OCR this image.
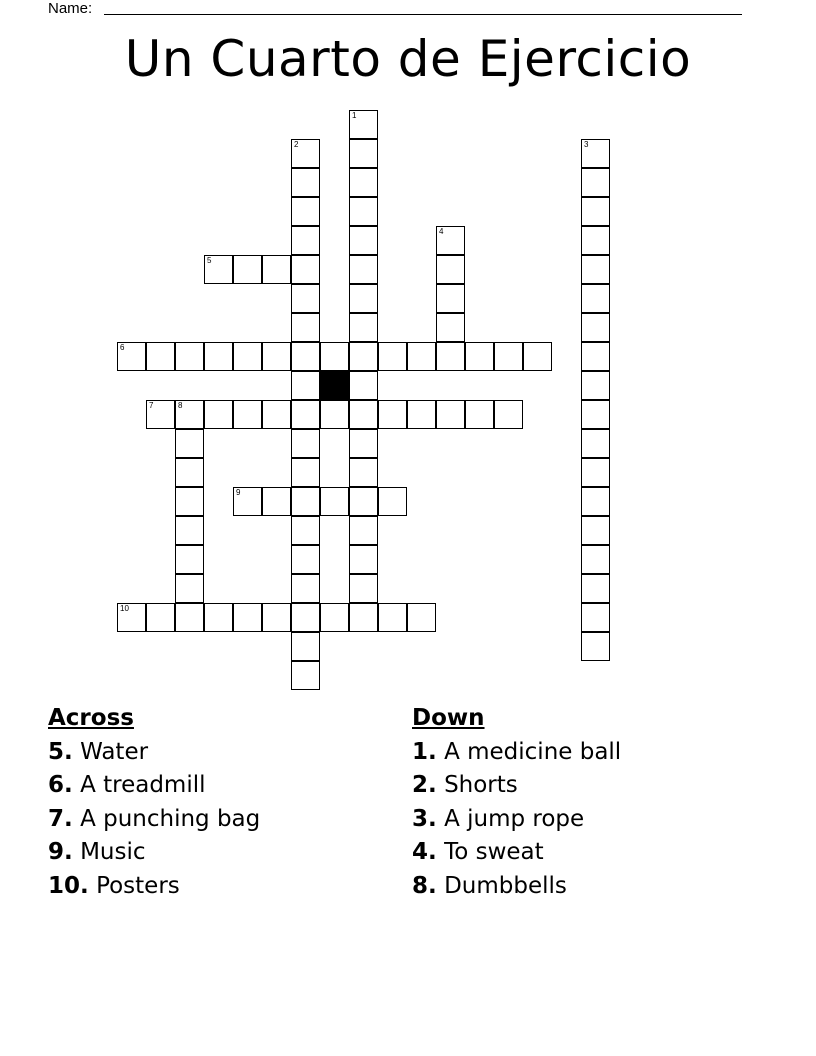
Name:
Un Cuarto de Ejercicio
1
2	3
4
5
6
7	8
9
10
Across
5. Water
6. A treadmill
7. A punching bag
9. Music
10. Posters
Down
1. A medicine ball
2. Shorts
3. A jump rope
4. To sweat
8. Dumbbells
